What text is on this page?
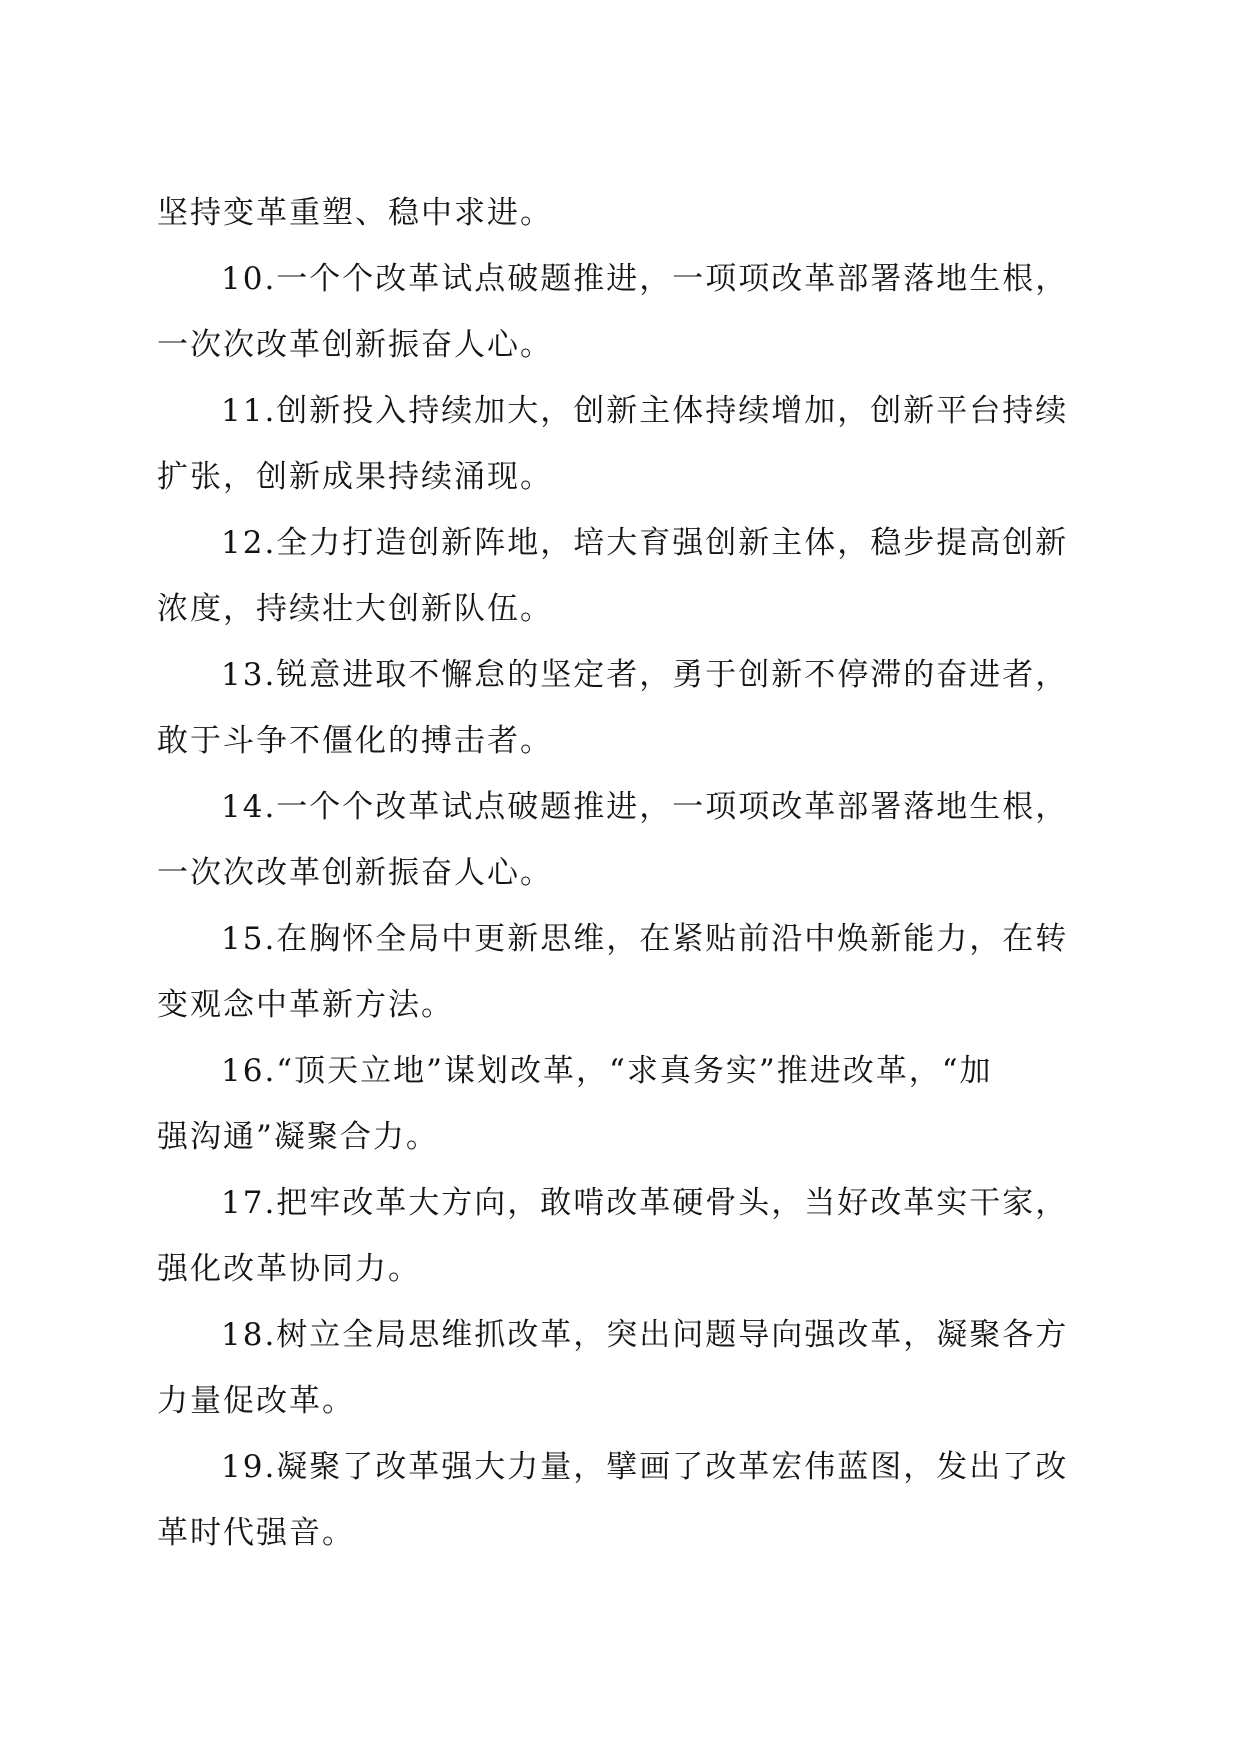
坚持变革重塑、稳中求进。
10.一个个改革试点破题推进，一项项改革部署落地生根，
一次次改革创新振奋人心。
11.创新投入持续加大，创新主体持续增加，创新平台持续
扩张，创新成果持续涌现。
12.全力打造创新阵地，培大育强创新主体，稳步提高创新
浓度，持续壮大创新队伍。
13.锐意进取不懈怠的坚定者，勇于创新不停滞的奋进者，
敢于斗争不僵化的搏击者。
14.一个个改革试点破题推进，一项项改革部署落地生根，
一次次改革创新振奋人心。
15.在胸怀全局中更新思维，在紧贴前沿中焕新能力，在转
变观念中革新方法。
16.“顶天立地”谋划改革，“求真务实”推进改革，“加
强沟通”凝聚合力。
17.把牢改革大方向，敢啃改革硬骨头，当好改革实干家，
强化改革协同力。
18.树立全局思维抓改革，突出问题导向强改革，凝聚各方
力量促改革。
19.凝聚了改革强大力量，擘画了改革宏伟蓝图，发出了改
革时代强音。
